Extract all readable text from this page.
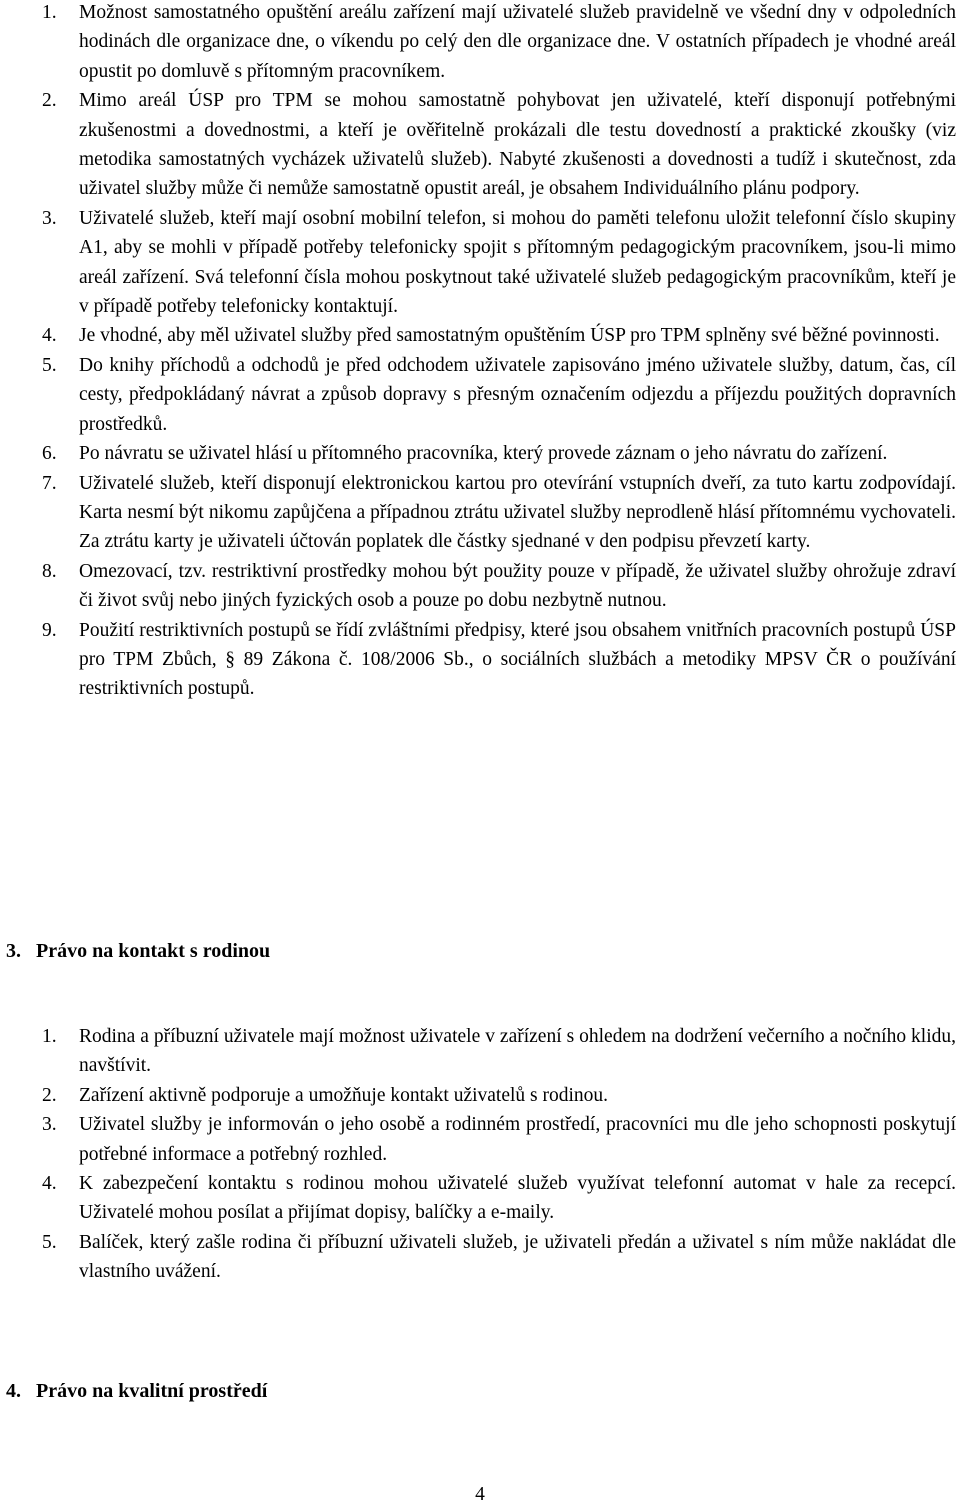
1. Možnost samostatného opuštění areálu zařízení mají uživatelé služeb pravidelně ve všední dny v odpoledních hodinách dle organizace dne, o víkendu po celý den dle organizace dne. V ostatních případech je vhodné areál opustit po domluvě s přítomným pracovníkem.
2. Mimo areál ÚSP pro TPM se mohou samostatně pohybovat jen uživatelé, kteří disponují potřebnými zkušenostmi a dovednostmi, a kteří je ověřitelně prokázali dle testu dovedností a praktické zkoušky (viz metodika samostatných vycházek uživatelů služeb). Nabyté zkušenosti a dovednosti a tudíž i skutečnost, zda uživatel služby může či nemůže samostatně opustit areál, je obsahem Individuálního plánu podpory.
3. Uživatelé služeb, kteří mají osobní mobilní telefon, si mohou do paměti telefonu uložit telefonní číslo skupiny A1, aby se mohli v případě potřeby telefonicky spojit s přítomným pedagogickým pracovníkem, jsou-li mimo areál zařízení. Svá telefonní čísla mohou poskytnout také uživatelé služeb pedagogickým pracovníkům, kteří je v případě potřeby telefonicky kontaktují.
4. Je vhodné, aby měl uživatel služby před samostatným opuštěním ÚSP pro TPM splněny své běžné povinnosti.
5. Do knihy příchodů a odchodů je před odchodem uživatele zapisováno jméno uživatele služby, datum, čas, cíl cesty, předpokládaný návrat a způsob dopravy s přesným označením odjezdu a příjezdu použitých dopravních prostředků.
6. Po návratu se uživatel hlásí u přítomného pracovníka, který provede záznam o jeho návratu do zařízení.
7. Uživatelé služeb, kteří disponují elektronickou kartou pro otevírání vstupních dveří, za tuto kartu zodpovídají. Karta nesmí být nikomu zapůjčena a případnou ztrátu uživatel služby neprodleně hlásí přítomnému vychovateli. Za ztrátu karty je uživateli účtován poplatek dle částky sjednané v den podpisu převzetí karty.
8. Omezovací, tzv. restriktivní prostředky mohou být použity pouze v případě, že uživatel služby ohrožuje zdraví či život svůj nebo jiných fyzických osob a pouze po dobu nezbytně nutnou.
9. Použití restriktivních postupů se řídí zvláštními předpisy, které jsou obsahem vnitřních pracovních postupů ÚSP pro TPM Zbůch, § 89 Zákona č. 108/2006 Sb., o sociálních službách a metodiky MPSV ČR o používání restriktivních postupů.
3. Právo na kontakt s rodinou
1. Rodina a příbuzní uživatele mají možnost uživatele v zařízení s ohledem na dodržení večerního a nočního klidu, navštívit.
2. Zařízení aktivně podporuje a umožňuje kontakt uživatelů s rodinou.
3. Uživatel služby je informován o jeho osobě a rodinném prostředí, pracovníci mu dle jeho schopnosti poskytují potřebné informace a potřebný rozhled.
4. K zabezpečení kontaktu s rodinou mohou uživatelé služeb využívat telefonní automat v hale za recepcí. Uživatelé mohou posílat a přijímat dopisy, balíčky a e-maily.
5. Balíček, který zašle rodina či příbuzní uživateli služeb, je uživateli předán a uživatel s ním může nakládat dle vlastního uvážení.
4. Právo na kvalitní prostředí
4
